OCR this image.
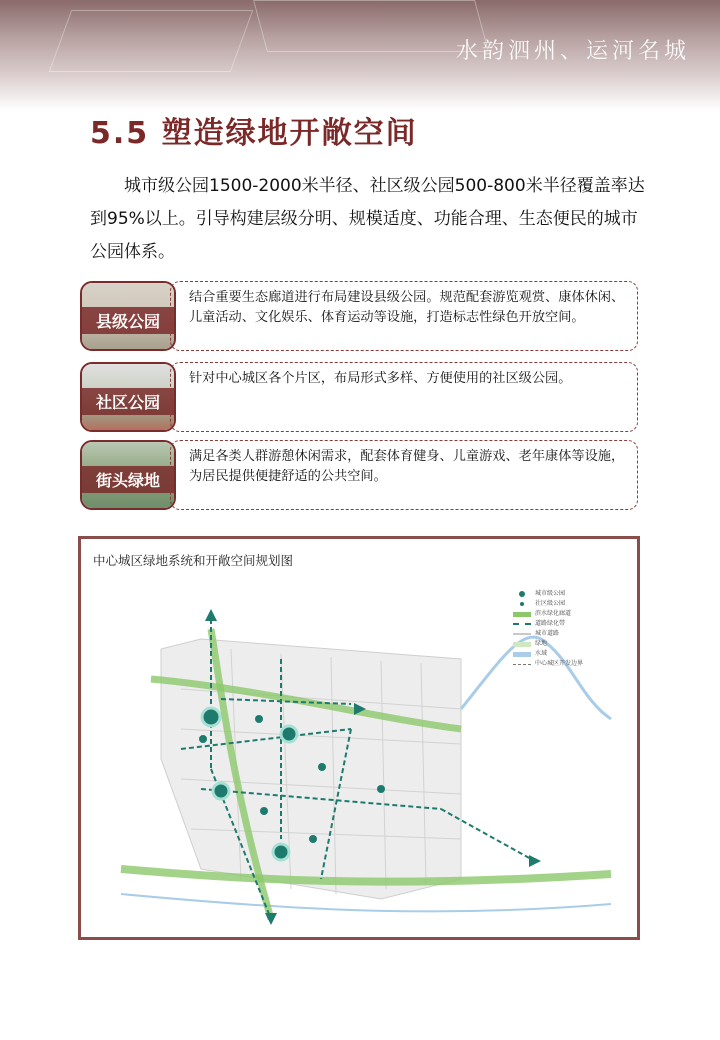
水韵泗州、运河名城
5.5 塑造绿地开敞空间
城市级公园1500-2000米半径、社区级公园500-800米半径覆盖率达到95%以上。引导构建层级分明、规模适度、功能合理、生态便民的城市公园体系。
县级公园
结合重要生态廊道进行布局建设县级公园。规范配套游览观赏、康体休闲、儿童活动、文化娱乐、体育运动等设施，打造标志性绿色开放空间。
社区公园
针对中心城区各个片区，布局形式多样、方便使用的社区级公园。
街头绿地
满足各类人群游憩休闲需求，配套体育健身、儿童游戏、老年康体等设施，为居民提供便捷舒适的公共空间。
中心城区绿地系统和开敞空间规划图
城市级公园
社区级公园
滨水绿化廊道
道路绿化带
城市道路
绿地
水域
中心城区开发边界
